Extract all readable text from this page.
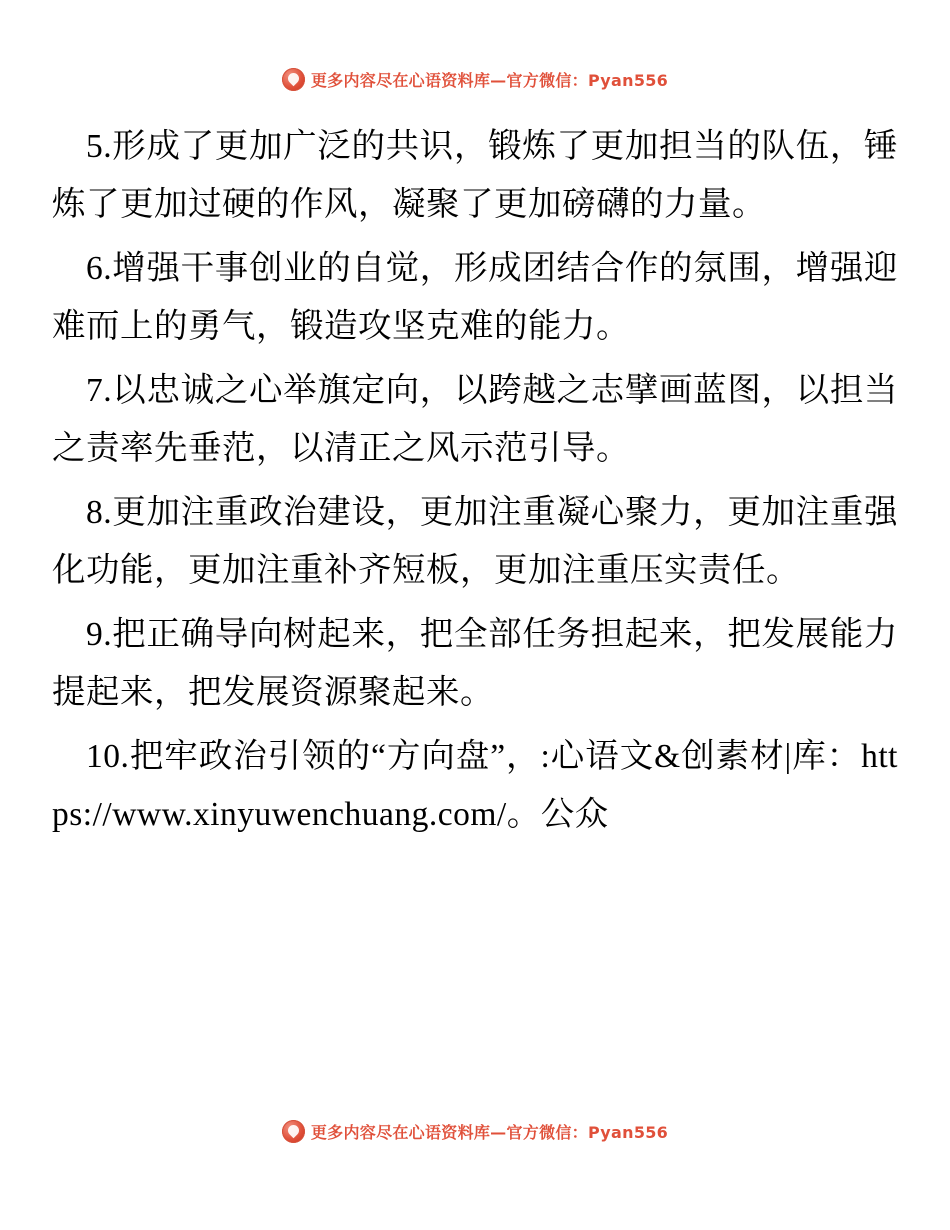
更多内容尽在心语资料库—官方微信：Pyan556

5.形成了更加广泛的共识，锻炼了更加担当的队伍，锤炼了更加过硬的作风，凝聚了更加磅礴的力量。

6.增强干事创业的自觉，形成团结合作的氛围，增强迎难而上的勇气，锻造攻坚克难的能力。

7.以忠诚之心举旗定向，以跨越之志擘画蓝图，以担当之责率先垂范，以清正之风示范引导。

8.更加注重政治建设，更加注重凝心聚力，更加注重强化功能，更加注重补齐短板，更加注重压实责任。

9.把正确导向树起来，把全部任务担起来，把发展能力提起来，把发展资源聚起来。

10.把牢政治引领的“方向盘”，:心语文&创素材|库：https://www.xinyuwenchuang.com/。公众

更多内容尽在心语资料库—官方微信：Pyan556
